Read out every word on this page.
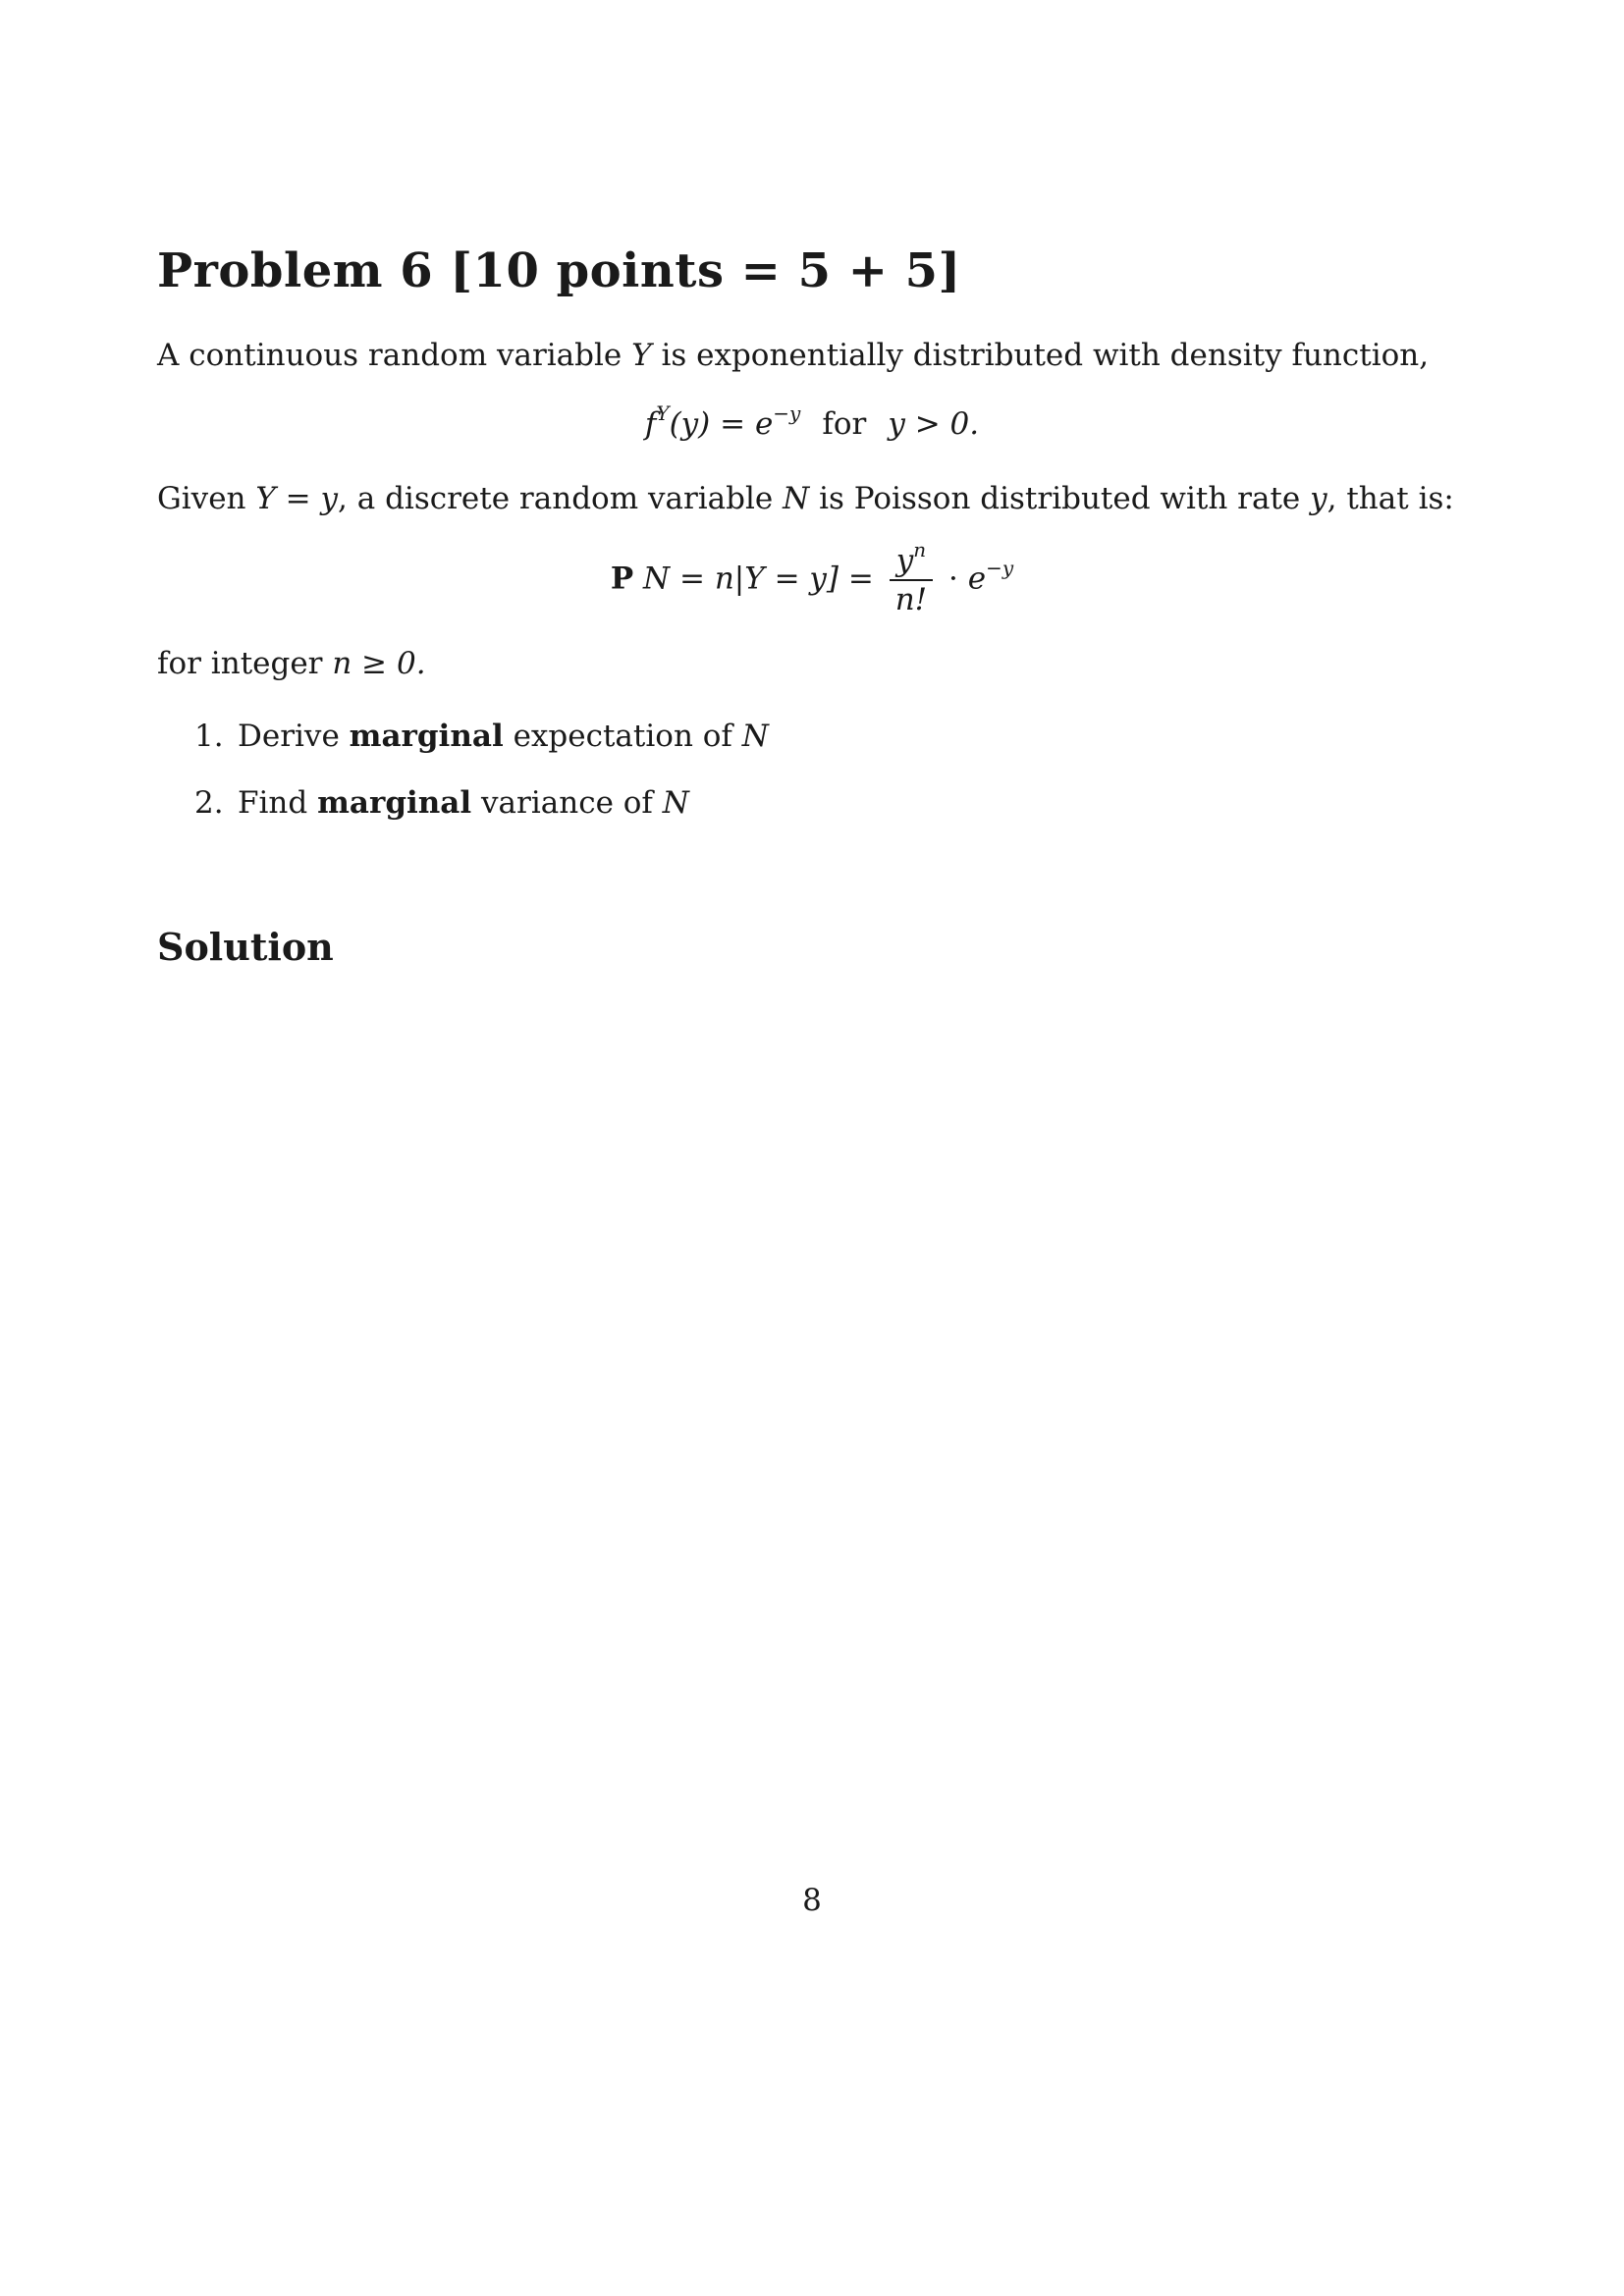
Problem 6 [10 points = 5 + 5]

A continuous random variable Y is exponentially distributed with density function,

$f^Y(y) = e^{-y}$ for y > 0.

Given Y = y, a discrete random variable N is Poisson distributed with rate y, that is:

P $N = n|Y = y] = \frac{y^n}{n!} \cdot e^{-y}$

for integer n ≥ 0.

1. Derive marginal expectation of N
2. Find marginal variance of N
Solution
8
